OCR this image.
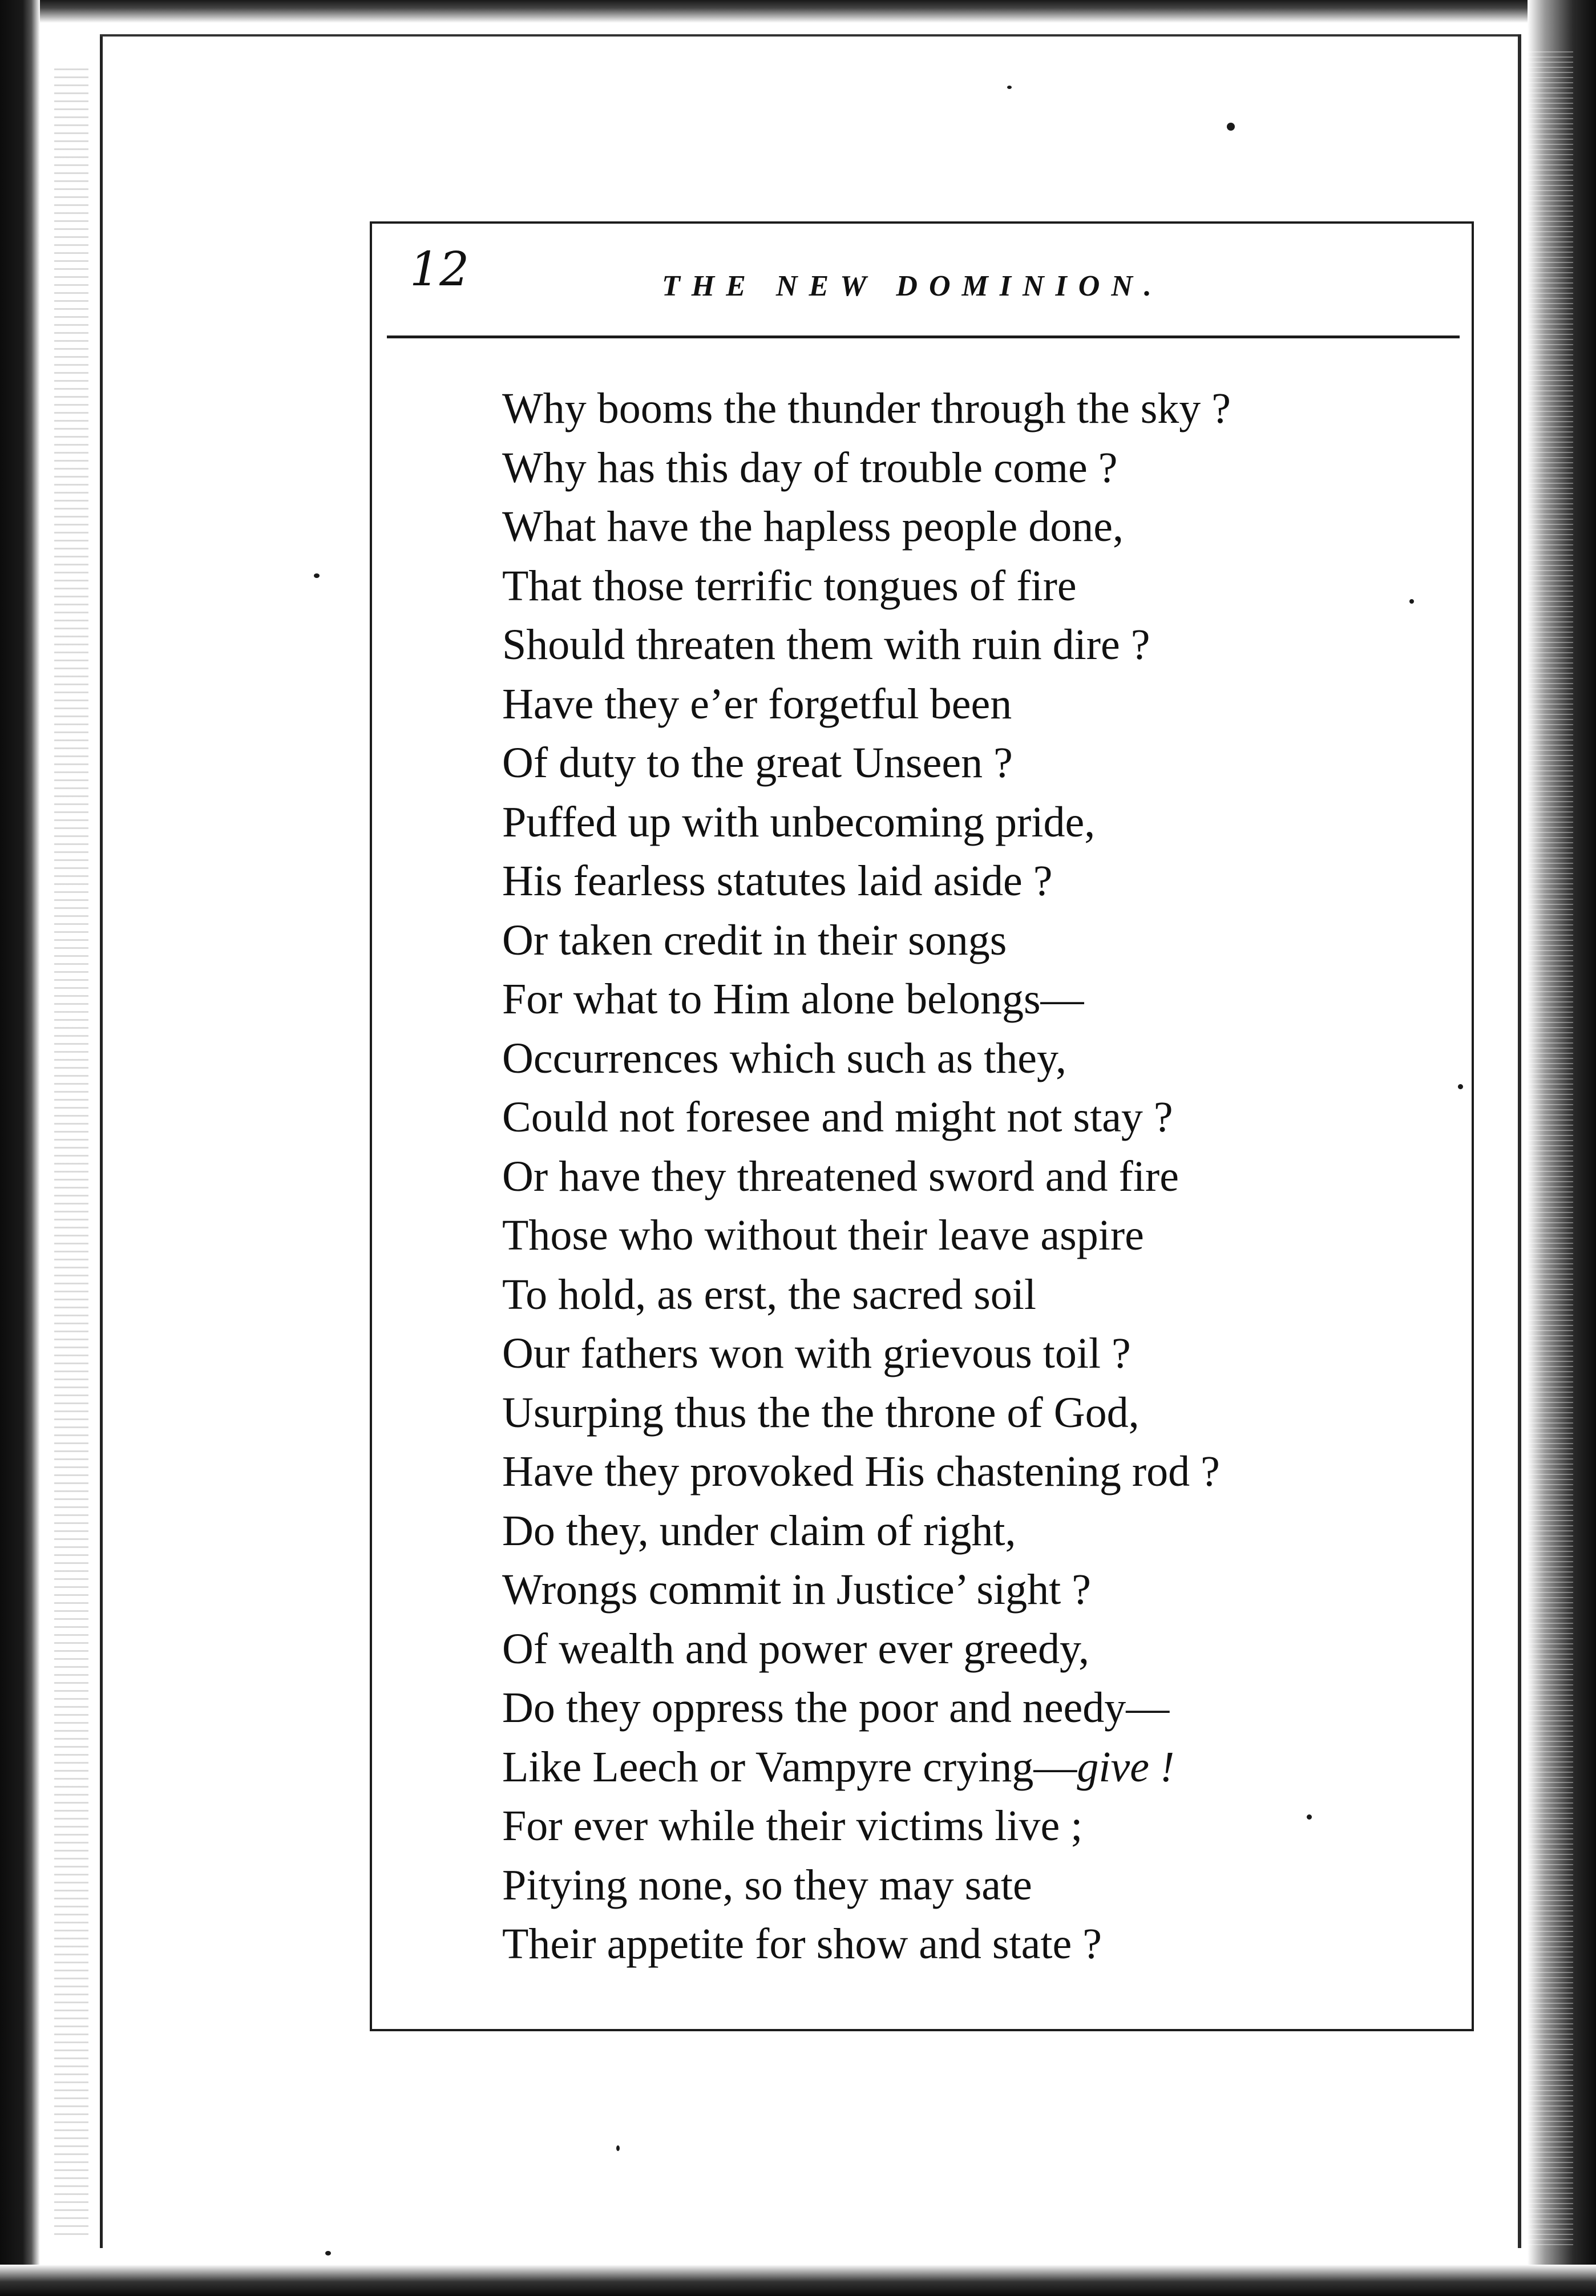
12	THE NEW DOMINION.
Why booms the thunder through the sky ?
Why has this day of trouble come ?
What have the hapless people done,
That those terrific tongues of fire
Should threaten them with ruin dire ?
Have they e’er forgetful been
Of duty to the great Unseen ?
Puffed up with unbecoming pride,
His fearless statutes laid aside ?
Or taken credit in their songs
For what to Him alone belongs—
Occurrences which such as they,
Could not foresee and might not stay ?
Or have they threatened sword and fire
Those who without their leave aspire
To hold, as erst, the sacred soil
Our fathers won with grievous toil ?
Usurping thus the the throne of God,
Have they provoked His chastening rod ?
Do they, under claim of right,
Wrongs commit in Justice’ sight ?
Of wealth and power ever greedy,
Do they oppress the poor and needy—
Like Leech or Vampyre crying—give !
For ever while their victims live ;
Pitying none, so they may sate
Their appetite for show and state ?
